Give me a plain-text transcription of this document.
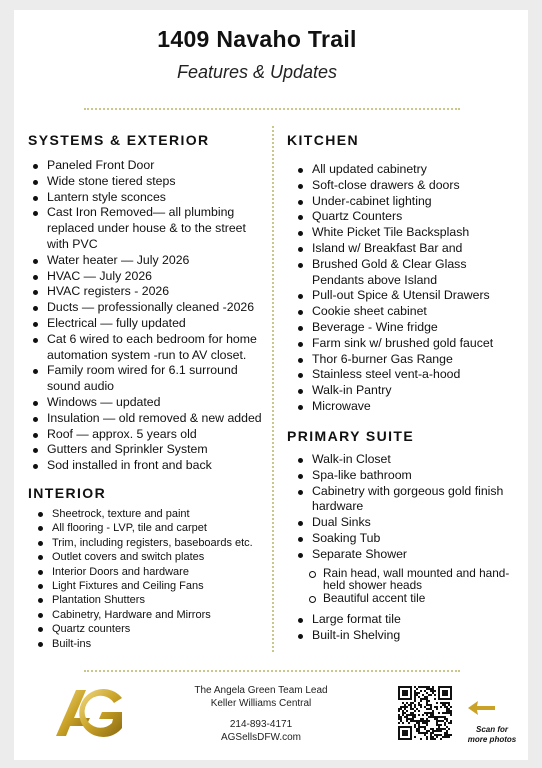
1409 Navaho Trail
Features & Updates
SYSTEMS & EXTERIOR
Paneled Front Door
Wide stone tiered steps
Lantern style sconces
Cast Iron Removed— all plumbing replaced under house & to the street with PVC
Water heater — July 2026
HVAC — July 2026
HVAC registers - 2026
Ducts — professionally cleaned -2026
Electrical — fully updated
Cat 6 wired to each bedroom for home automation system -run to AV closet.
Family room wired for 6.1 surround sound audio
Windows — updated
Insulation — old removed & new added
Roof — approx. 5 years old
Gutters and Sprinkler System
Sod installed in front and back
INTERIOR
Sheetrock, texture and paint
All flooring - LVP, tile and carpet
Trim, including registers, baseboards etc.
Outlet covers and switch plates
Interior Doors and hardware
Light Fixtures and Ceiling Fans
Plantation Shutters
Cabinetry, Hardware and Mirrors
Quartz counters
Built-ins
KITCHEN
All updated cabinetry
Soft-close drawers & doors
Under-cabinet lighting
Quartz Counters
White Picket Tile Backsplash
Island w/ Breakfast Bar and
Brushed Gold & Clear Glass Pendants above Island
Pull-out Spice & Utensil Drawers
Cookie sheet cabinet
Beverage - Wine fridge
Farm sink w/ brushed gold faucet
Thor 6-burner Gas Range
Stainless steel vent-a-hood
Walk-in Pantry
Microwave
PRIMARY SUITE
Walk-in Closet
Spa-like bathroom
Cabinetry with gorgeous gold finish hardware
Dual Sinks
Soaking Tub
Separate Shower
Rain head, wall mounted and hand-held shower heads
Beautiful accent tile
Large format tile
Built-in Shelving
The Angela Green Team Lead
Keller Williams Central
214-893-4171
AGSellsDFW.com
Scan for
more photos
